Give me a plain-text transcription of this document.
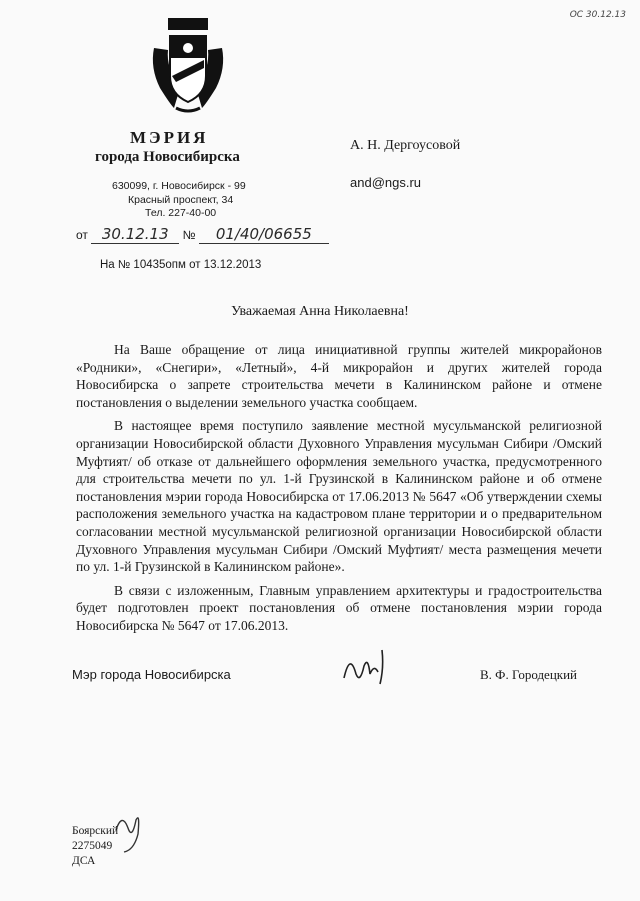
ОС 30.12.13
МЭРИЯ
города Новосибирска
630099, г. Новосибирск - 99
Красный проспект, 34
Тел. 227-40-00
А. Н. Дергоусовой
and@ngs.ru
от 30.12.13 № 01/40/06655
На № 10435опм от 13.12.2013
Уважаемая Анна Николаевна!

На Ваше обращение от лица инициативной группы жителей микрорайонов «Родники», «Снегири», «Летный», 4-й микрорайон и других жителей города Новосибирска о запрете строительства мечети в Калининском районе и отмене постановления о выделении земельного участка сообщаем.

В настоящее время поступило заявление местной мусульманской религиозной организации Новосибирской области Духовного Управления мусульман Сибири /Омский Муфтият/ об отказе от дальнейшего оформления земельного участка, предусмотренного для строительства мечети по ул. 1-й Грузинской в Калининском районе и об отмене постановления мэрии города Новосибирска от 17.06.2013 № 5647 «Об утверждении схемы расположения земельного участка на кадастровом плане территории и о предварительном согласовании местной мусульманской религиозной организации Новосибирской области Духовного Управления мусульман Сибири /Омский Муфтият/ места размещения мечети по ул. 1-й Грузинской в Калининском районе».

В связи с изложенным, Главным управлением архитектуры и градостроительства будет подготовлен проект постановления об отмене постановления мэрии города Новосибирска № 5647 от 17.06.2013.

Мэр города Новосибирска	В. Ф. Городецкий
Боярский
2275049
ДСА
